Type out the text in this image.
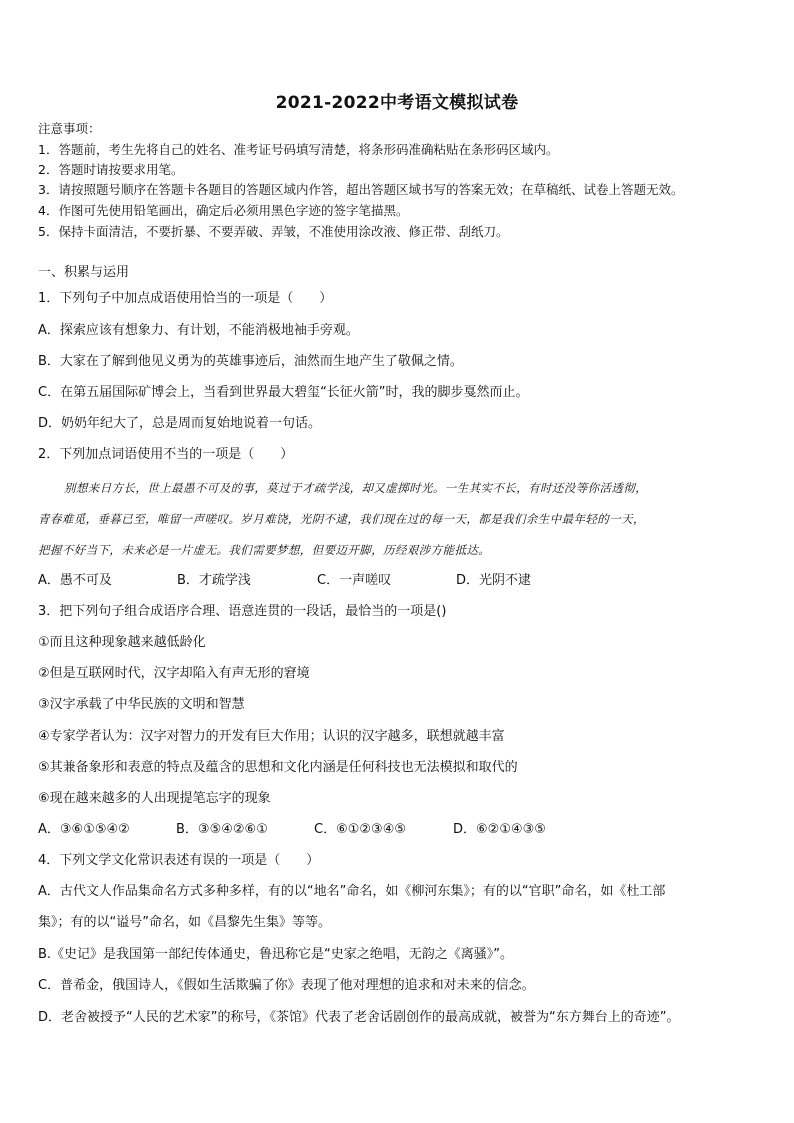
2021-2022中考语文模拟试卷
注意事项：
1．答题前，考生先将自己的姓名、准考证号码填写清楚，将条形码准确粘贴在条形码区域内。
2．答题时请按要求用笔。
3．请按照题号顺序在答题卡各题目的答题区域内作答，超出答题区域书写的答案无效；在草稿纸、试卷上答题无效。
4．作图可先使用铅笔画出，确定后必须用黑色字迹的签字笔描黑。
5．保持卡面清洁，不要折暴、不要弄破、弄皱，不准使用涂改液、修正带、刮纸刀。
一、积累与运用
1．下列句子中加点成语使用恰当的一项是（　　）
A．探索应该有想象力、有计划，不能消极地袖手旁观。
B．大家在了解到他见义勇为的英雄事迹后，油然而生地产生了敬佩之情。
C．在第五届国际矿博会上，当看到世界最大碧玺“长征火箭”时，我的脚步戛然而止。
D．奶奶年纪大了，总是周而复始地说着一句话。
2．下列加点词语使用不当的一项是（　　）
别想来日方长，世上最愚不可及的事，莫过于才疏学浅，却又虚掷时光。一生其实不长，有时还没等你活透彻，
青春难觅，垂暮已至，唯留一声嗟叹。岁月难饶，光阴不逮，我们现在过的每一天，都是我们余生中最年轻的一天，
把握不好当下，未来必是一片虚无。我们需要梦想，但要迈开脚，历经艰涉方能抵达。
A．愚不可及	B．才疏学浅	C．一声嗟叹	D．光阴不逮
3．把下列句子组合成语序合理、语意连贯的一段话，最恰当的一项是()
①而且这种现象越来越低龄化
②但是互联网时代，汉字却陷入有声无形的窘境
③汉字承载了中华民族的文明和智慧
④专家学者认为：汉字对智力的开发有巨大作用；认识的汉字越多，联想就越丰富
⑤其兼备象形和表意的特点及蕴含的思想和文化内涵是任何科技也无法模拟和取代的
⑥现在越来越多的人出现提笔忘字的现象
A．③⑥①⑤④②	B．③⑤④②⑥①	C．⑥①②③④⑤	D．⑥②①④③⑤
4．下列文学文化常识表述有误的一项是（　　）
A．古代文人作品集命名方式多种多样，有的以“地名”命名，如《柳河东集》；有的以“官职”命名，如《杜工部
集》；有的以“谥号”命名，如《昌黎先生集》等等。
B.《史记》是我国第一部纪传体通史，鲁迅称它是“史家之绝唱，无韵之《离骚》”。
C．普希金，俄国诗人，《假如生活欺骗了你》表现了他对理想的追求和对未来的信念。
D．老舍被授予“人民的艺术家”的称号，《茶馆》代表了老舍话剧创作的最高成就，被誉为“东方舞台上的奇迹”。
